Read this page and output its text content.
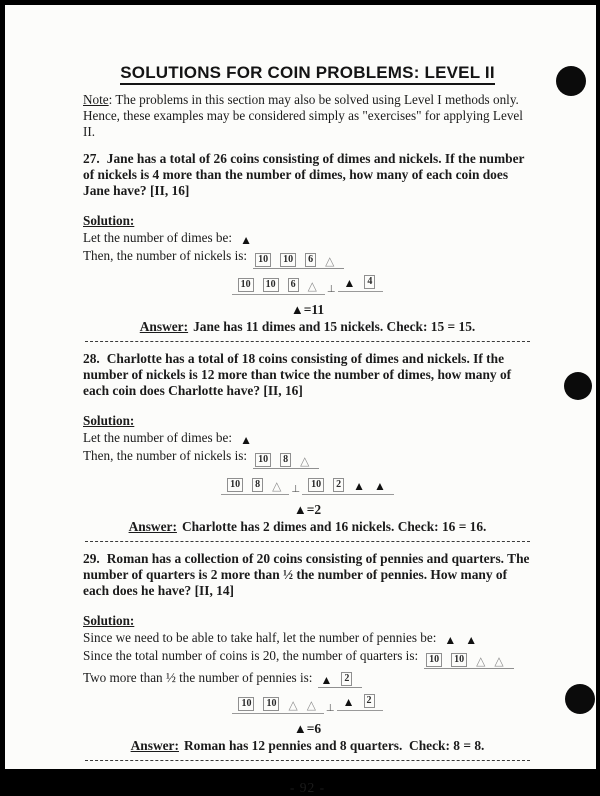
SOLUTIONS FOR COIN PROBLEMS: LEVEL II

Note: The problems in this section may also be solved using Level I methods only. Hence, these examples may be considered simply as "exercises" for applying Level II.

27. Jane has a total of 26 coins consisting of dimes and nickels. If the number of nickels is 4 more than the number of dimes, how many of each coin does Jane have? [II, 16]

Solution:
Let the number of dimes be: ▲
Then, the number of nickels is:	10	10	6 △
10	10	6 △ ⊥ ▲	4
▲=11

Answer: Jane has 11 dimes and 15 nickels. Check: 15 = 15.

28. Charlotte has a total of 18 coins consisting of dimes and nickels. If the number of nickels is 12 more than twice the number of dimes, how many of each coin does Charlotte have? [II, 16]

Solution:
Let the number of dimes be: ▲
Then, the number of nickels is:	10	8 △
10	8 △ ⊥	10	2 ▲ ▲
▲=2

Answer: Charlotte has 2 dimes and 16 nickels. Check: 16 = 16.

29. Roman has a collection of 20 coins consisting of pennies and quarters. The number of quarters is 2 more than ½ the number of pennies. How many of each does he have? [II, 14]

Solution:
Since we need to be able to take half, let the number of pennies be: ▲ ▲
Since the total number of coins is 20, the number of quarters is:	10	10 △ △
Two more than ½ the number of pennies is: ▲	2
10	10 △ △ ⊥ ▲	2
▲=6

Answer: Roman has 12 pennies and 8 quarters.  Check: 8 = 8.

- 92 -
